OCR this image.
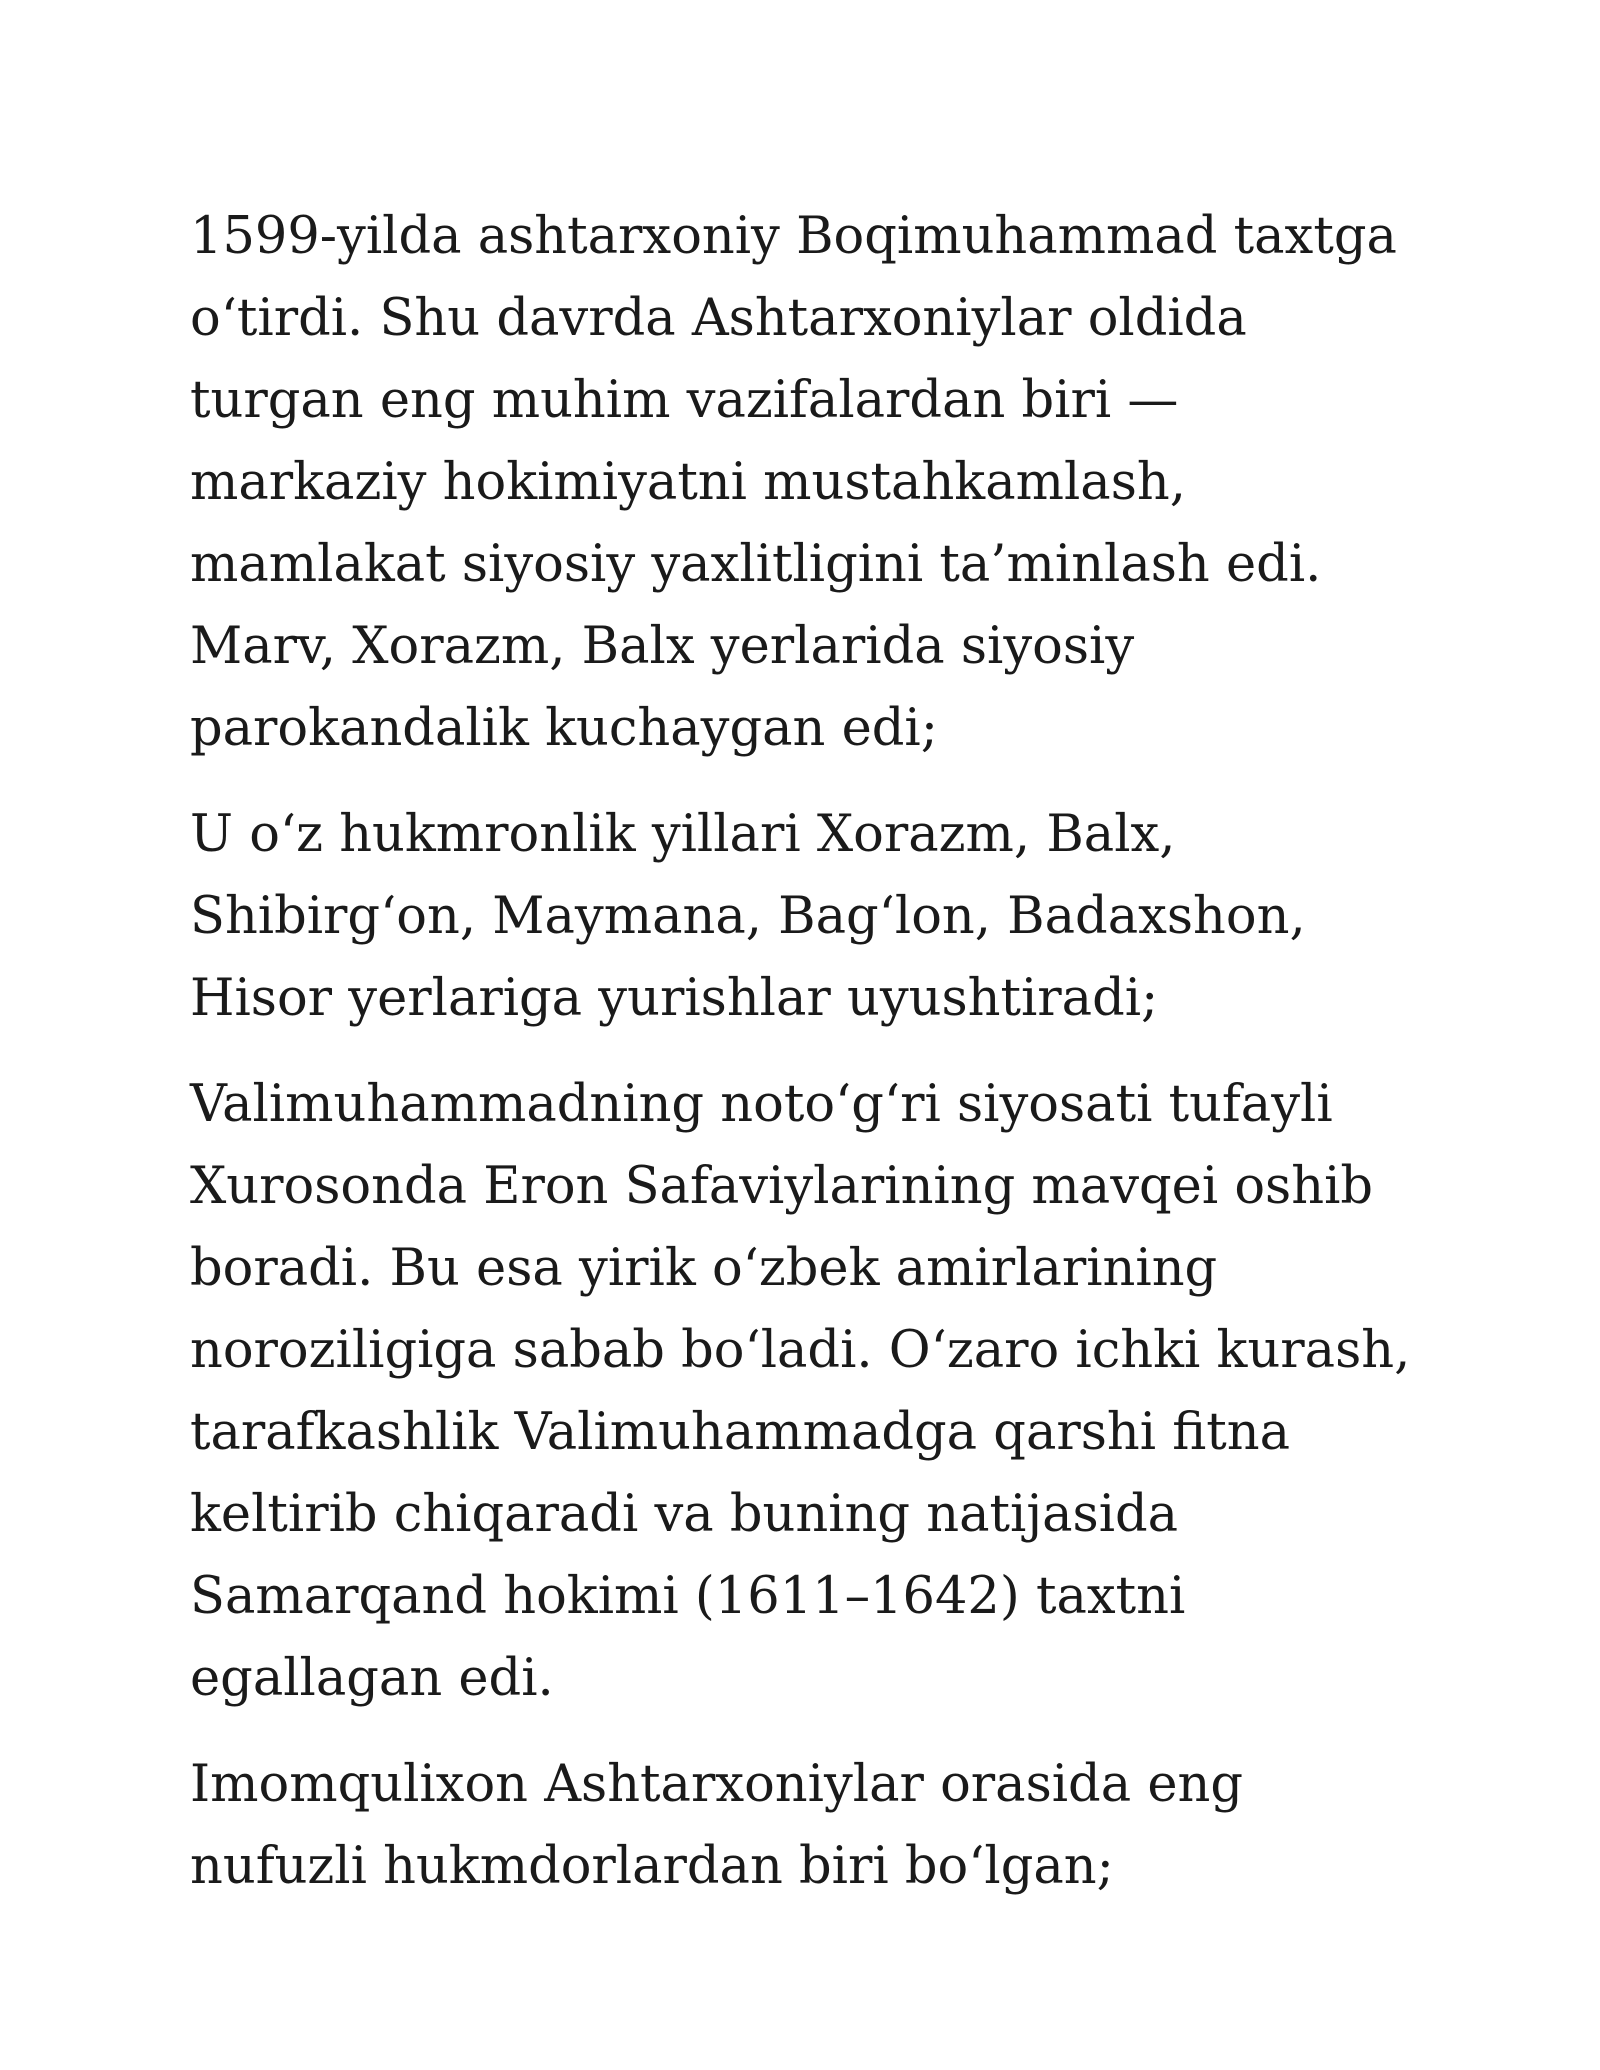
1599-yilda ashtarxoniy Boqimuhammad taxtga o‘tirdi. Shu davrda Ashtarxoniylar oldida turgan eng muhim vazifalardan biri — markaziy hokimiyatni mustahkamlash, mamlakat siyosiy yaxlitligini ta’minlash edi. Marv, Xorazm, Balx yerlarida siyosiy parokandalik kuchaygan edi;

U o‘z hukmronlik yillari Xorazm, Balx, Shibirg‘on, Maymana, Bag‘lon, Badaxshon, Hisor yerlariga yurishlar uyushtiradi;

Valimuhammadning noto‘g‘ri siyosati tufayli Xurosonda Eron Safaviylarining mavqei oshib boradi. Bu esa yirik o‘zbek amirlarining noroziligiga sabab bo‘ladi. O‘zaro ichki kurash, tarafkashlik Valimuhammadga qarshi fitna keltirib chiqaradi va buning natijasida Samarqand hokimi (1611–1642) taxtni egallagan edi.

Imomqulixon Ashtarxoniylar orasida eng nufuzli hukmdorlardan biri bo‘lgan;
